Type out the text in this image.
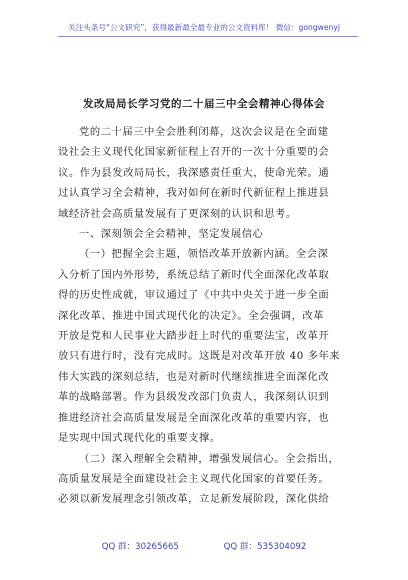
关注头条号“公文研究”，获得最新最全最专业的公文资料库！ 微信：gongwenyj
发改局局长学习党的二十届三中全会精神心得体会

党的二十届三中全会胜利闭幕，这次会议是在全面建

设社会主义现代化国家新征程上召开的一次十分重要的会

议。作为县发改局局长，我深感责任重大，使命光荣。通

过认真学习全会精神，我对如何在新时代新征程上推进县

域经济社会高质量发展有了更深刻的认识和思考。

一、深刻领会全会精神，坚定发展信心

（一）把握全会主题，领悟改革开放新内涵。全会深

入分析了国内外形势，系统总结了新时代全面深化改革取

得的历史性成就，审议通过了《中共中央关于进一步全面

深化改革、推进中国式现代化的决定》。全会强调，改革

开放是党和人民事业大踏步赶上时代的重要法宝，改革开

放只有进行时，没有完成时。这既是对改革开放 40 多年来

伟大实践的深刻总结，也是对新时代继续推进全面深化改

革的战略部署。作为县级发改部门负责人，我深刻认识到

推进经济社会高质量发展是全面深化改革的重要内容，也

是实现中国式现代化的重要支撑。

（二）深入理解全会精神，增强发展信心。全会指出，

高质量发展是全面建设社会主义现代化国家的首要任务。

必须以新发展理念引领改革，立足新发展阶段，深化供给

QQ 群：30265665	QQ 群：535304092
